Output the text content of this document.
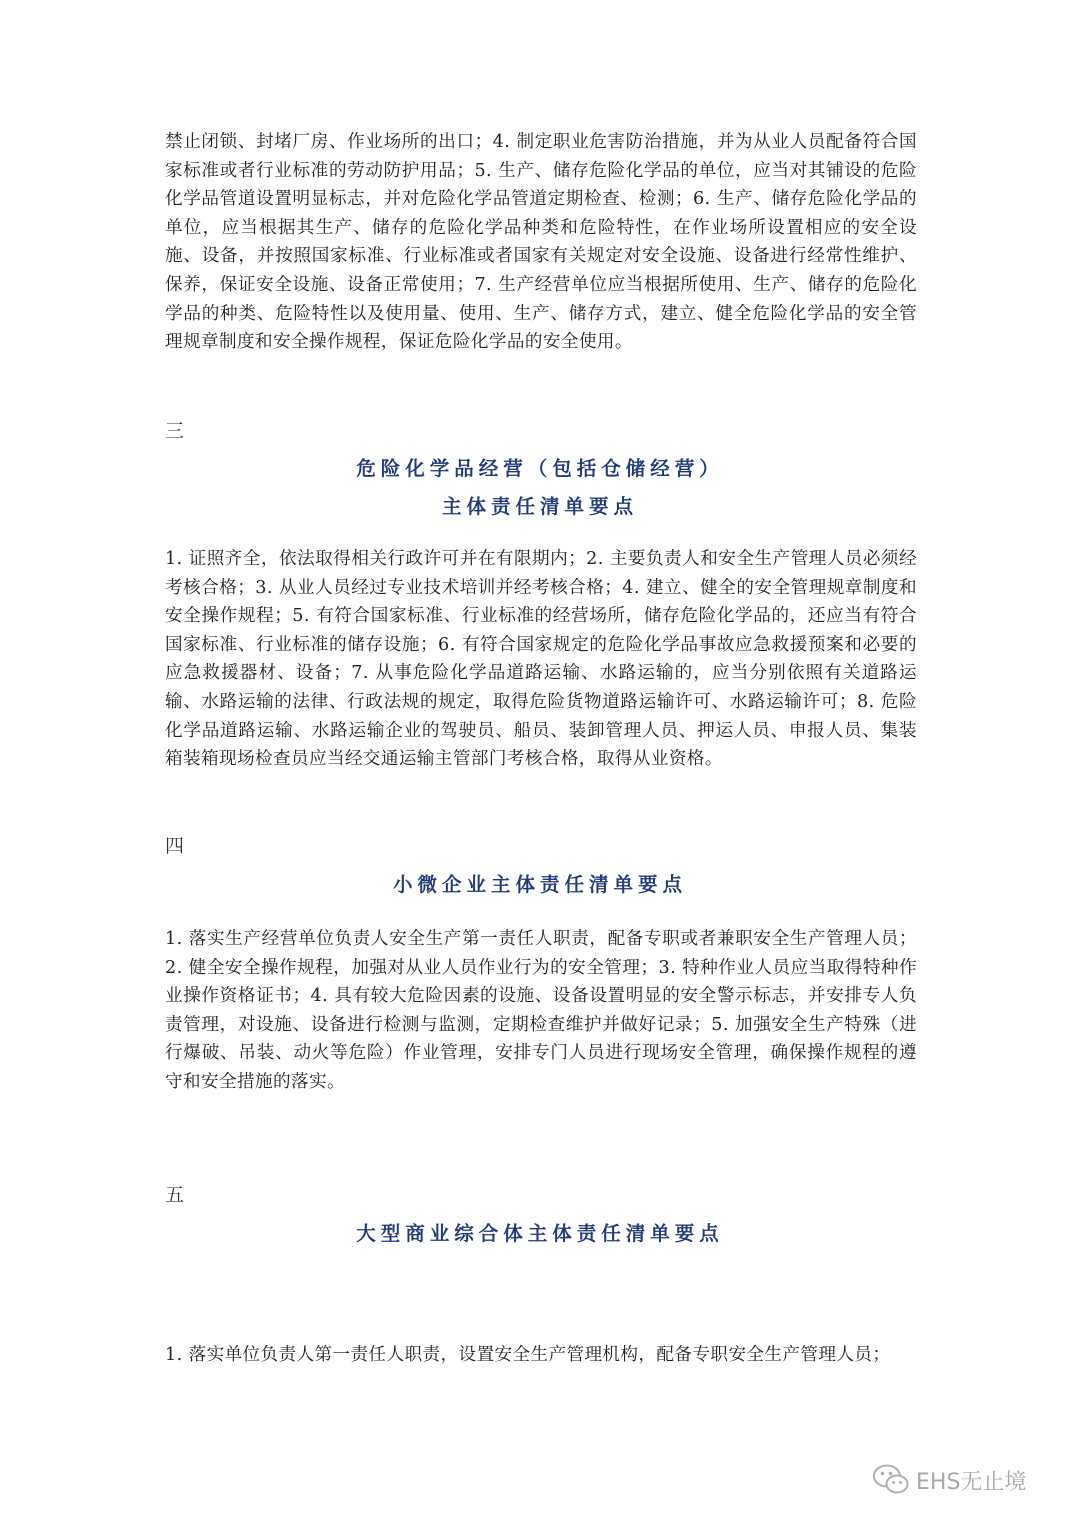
禁止闭锁、封堵厂房、作业场所的出口；4. 制定职业危害防治措施，并为从业人员配备符合国家标准或者行业标准的劳动防护用品；5. 生产、储存危险化学品的单位，应当对其铺设的危险化学品管道设置明显标志，并对危险化学品管道定期检查、检测；6. 生产、储存危险化学品的单位，应当根据其生产、储存的危险化学品种类和危险特性，在作业场所设置相应的安全设施、设备，并按照国家标准、行业标准或者国家有关规定对安全设施、设备进行经常性维护、保养，保证安全设施、设备正常使用；7. 生产经营单位应当根据所使用、生产、储存的危险化学品的种类、危险特性以及使用量、使用、生产、储存方式，建立、健全危险化学品的安全管理规章制度和安全操作规程，保证危险化学品的安全使用。

三
危险化学品经营（包括仓储经营）
主体责任清单要点

1. 证照齐全，依法取得相关行政许可并在有限期内；2. 主要负责人和安全生产管理人员必须经考核合格；3. 从业人员经过专业技术培训并经考核合格；4. 建立、健全的安全管理规章制度和安全操作规程；5. 有符合国家标准、行业标准的经营场所，储存危险化学品的，还应当有符合国家标准、行业标准的储存设施；6. 有符合国家规定的危险化学品事故应急救援预案和必要的应急救援器材、设备；7. 从事危险化学品道路运输、水路运输的，应当分别依照有关道路运输、水路运输的法律、行政法规的规定，取得危险货物道路运输许可、水路运输许可；8. 危险化学品道路运输、水路运输企业的驾驶员、船员、装卸管理人员、押运人员、申报人员、集装箱装箱现场检查员应当经交通运输主管部门考核合格，取得从业资格。

四
小微企业主体责任清单要点

1. 落实生产经营单位负责人安全生产第一责任人职责，配备专职或者兼职安全生产管理人员；2. 健全安全操作规程，加强对从业人员作业行为的安全管理；3. 特种作业人员应当取得特种作业操作资格证书；4. 具有较大危险因素的设施、设备设置明显的安全警示标志，并安排专人负责管理，对设施、设备进行检测与监测，定期检查维护并做好记录；5. 加强安全生产特殊（进行爆破、吊装、动火等危险）作业管理，安排专门人员进行现场安全管理，确保操作规程的遵守和安全措施的落实。

五
大型商业综合体主体责任清单要点

1. 落实单位负责人第一责任人职责，设置安全生产管理机构，配备专职安全生产管理人员；

EHS无止境
